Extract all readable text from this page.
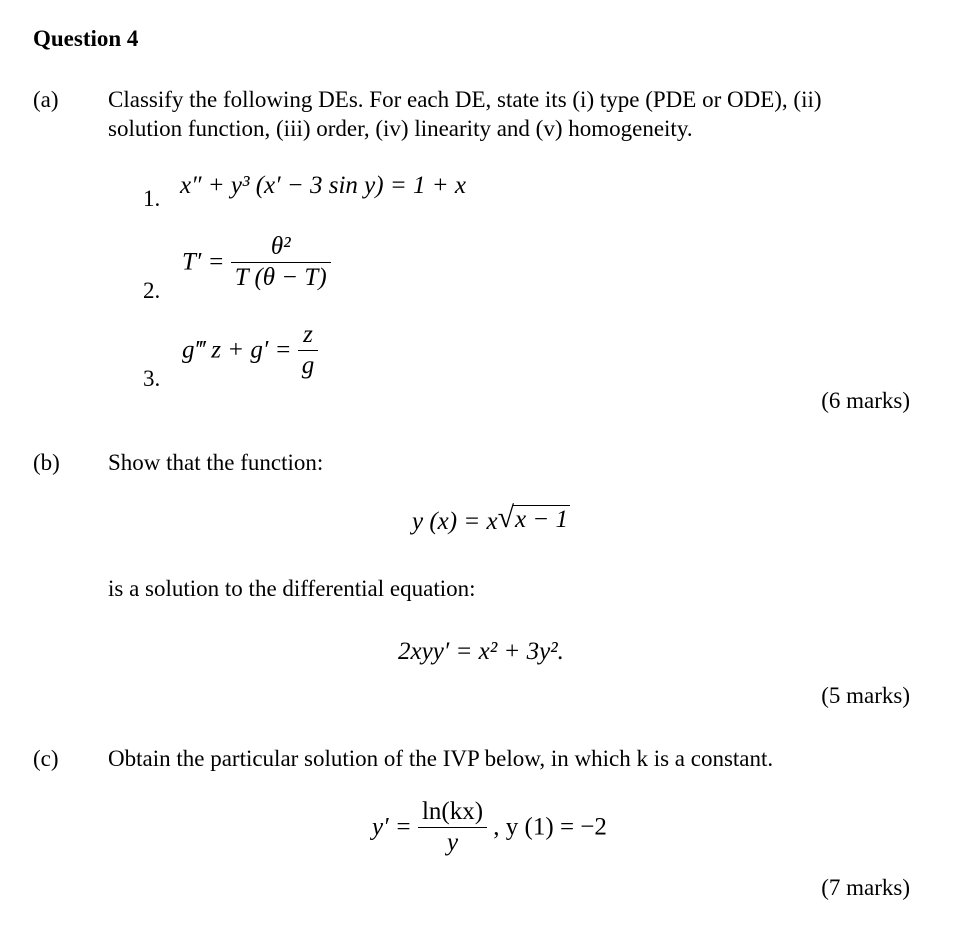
Question 4
(a) Classify the following DEs. For each DE, state its (i) type (PDE or ODE), (ii)
solution function, (iii) order, (iv) linearity and (v) homogeneity.
1. x″ + y³ (x′ − 3 sin y) = 1 + x
2.
$T' = \frac{\text{θ²}}{T (\theta - T)}$
3.
g‴ $z + g' = \frac{z}{g}$
(6 marks)
(b) Show that the function:
y (x) = x √ x − 1
is a solution to the differential equation:
2xyy′ = x² + 3y².
(5 marks)
(c) Obtain the particular solution of the IVP below, in which k is a constant.
$y' = \frac{\ln(kx)}{y}$ , y (1) = −2
(7 marks)
